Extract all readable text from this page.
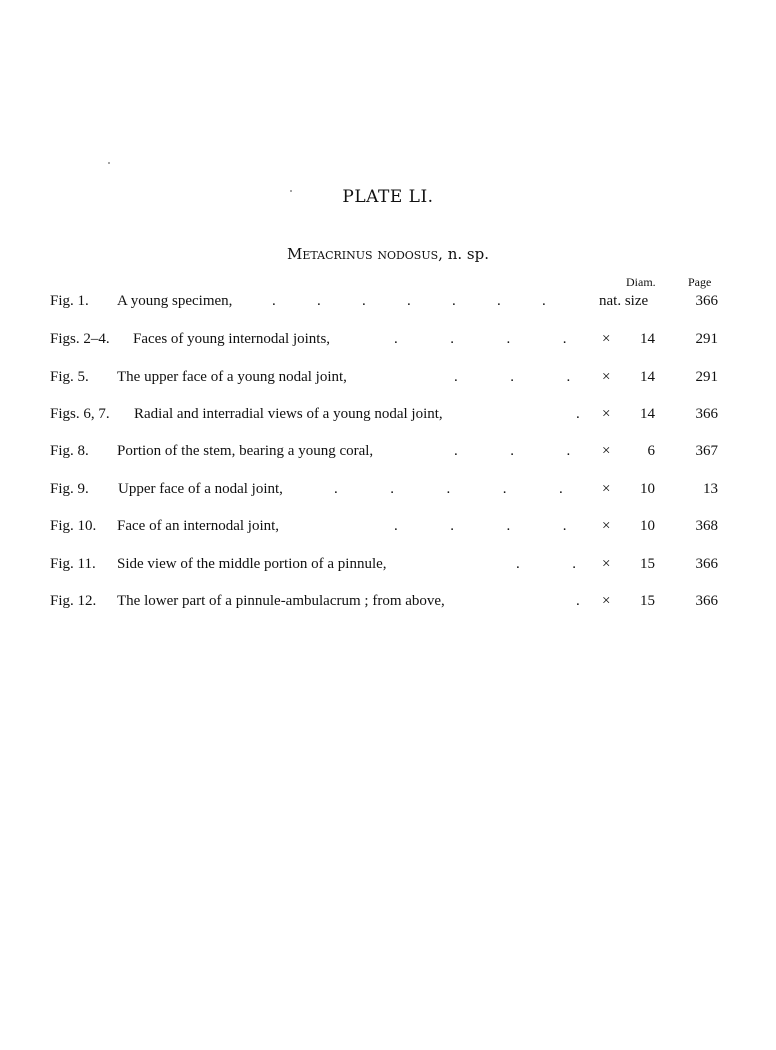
PLATE LI.
Metacrinus nodosus, n. sp.
Diam.	Page
Fig. 1. A young specimen,	.           .           .           .           .           .           .	nat. size	366
Figs. 2–4. Faces of young internodal joints,	.              .              .              . ×	14	291
Fig. 5. The upper face of a young nodal joint,	.              .              . ×	14	291
Figs. 6, 7. Radial and interradial views of a young nodal joint,	. ×	14	366
Fig. 8. Portion of the stem, bearing a young coral,	.              .              . ×	6	367
Fig. 9. Upper face of a nodal joint,	.              .              .              .              .	×	10	13
Fig. 10. Face of an internodal joint,	.              .              .              . ×	10	368
Fig. 11. Side view of the middle portion of a pinnule,	.              . ×	15	366
Fig. 12. The lower part of a pinnule-ambulacrum ; from above,	. ×	15	366
